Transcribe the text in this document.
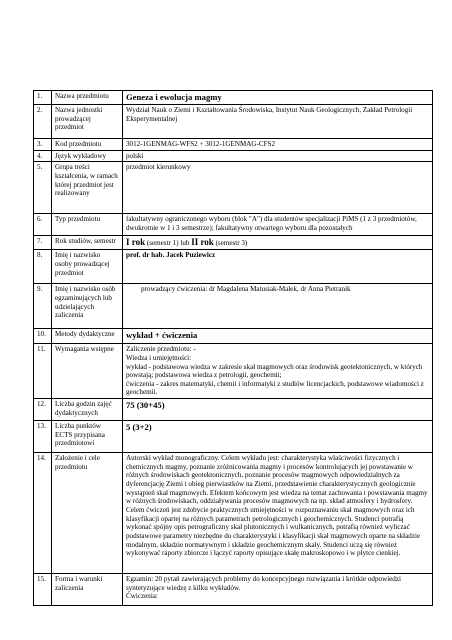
1.	Nazwa przedmiotu	Geneza i ewolucja magmy
2.	Nazwa jednostki prowadzącej przedmiot	Wydział Nauk o Ziemi i Kształtowania Środowiska, Instytut Nauk Geologicznych, Zakład Petrologii Eksperymentalnej
3.	Kod przedmiotu	3012-1GENMAG-WFS2 + 3012-1GENMAG-CFS2
4.	Język wykładowy	polski
5.	Grupa treści kształcenia, w ramach której przedmiot jest realizowany	przedmiot kierunkowy
6.	Typ przedmiotu	fakultatywny ograniczonego wyboru (blok "A") dla studentów specjalizacji PiMS (1 z 3 przedmiotów, dwukrotnie w 1 i 3 semestrze); fakultatywny otwartego wyboru dla pozostałych
7.	Rok studiów, semestr	I rok (semestr 1) lub II rok (semestr 3)
8.	Imię i nazwisko osoby prowadzącej przedmiot	prof. dr hab. Jacek Puziewicz
9.	Imię i nazwisko osób egzaminujących lub udzielających zaliczenia	prowadzący ćwiczenia: dr Magdalena Matusiak-Małek, dr Anna Pietranik
10.	Metody dydaktyczne	wykład + ćwiczenia
11.	Wymagania wstępne	Zaliczenie przedmiotu: -
Wiedza i umiejętności:
wykład - podstawowa wiedza w zakresie skał magmowych oraz środowisk geotektonicznych, w których powstają; podstawowa wiedza z petrologii, geochemii;
ćwiczenia - zakres matematyki, chemii i informatyki z studiów licencjackich, podstawowe wiadomości z geochemii.

12.	Liczba godzin zajęć dydaktycznych	75 (30+45)
13.	Liczba punktów ECTS przypisana przedmiotowi	5 (3+2)
14.	Założenie i cele przedmiotu	Autorski wykład monograficzny. Celem wykładu jest: charakterystyka właściwości fizycznych i chemicznych magmy, poznanie zróżnicowania magmy i procesów kontrolujących jej powstawanie w różnych środowiskach geotektonicznych, poznanie procesów magmowych odpowiedzialnych za dyferencjację Ziemi i obieg pierwiastków na Ziemi, przedstawienie charakterystycznych geologicznie wystąpień skał magmowych. Efektem końcowym jest wiedza na temat zachowania i powstawania magmy w różnych środowiskach, oddziaływania procesów magmowych na np. skład atmosfery i hydrosfery.
Celem ćwiczeń jest zdobycie praktycznych umiejętności w rozpoznawaniu skał magmowych oraz ich klasyfikacji opartej na różnych parametrach petrologicznych i geochemicznych. Studenci potrafią wykonać spójny opis petrograficzny skał plutonicznych i wulkanicznych, potrafią również wyliczać podstawowe parametry niezbędne do charakterystyki i klasyfikacji skał magmowych oparte na składzie modalnym, składzie normatywnym i składzie geochemicznym skały. Studenci uczą się również wykonywać raporty zbiorcze i łączyć raporty opisujące skałę makroskopowo i w płytce cienkiej.

15.	Forma i warunki zaliczenia	Egzamin: 20 pytań zawierających problemy do koncepcyjnego rozwiązania i krótkie odpowiedzi syntetyzujące wiedzę z kilku wykładów.
Ćwiczenia:
